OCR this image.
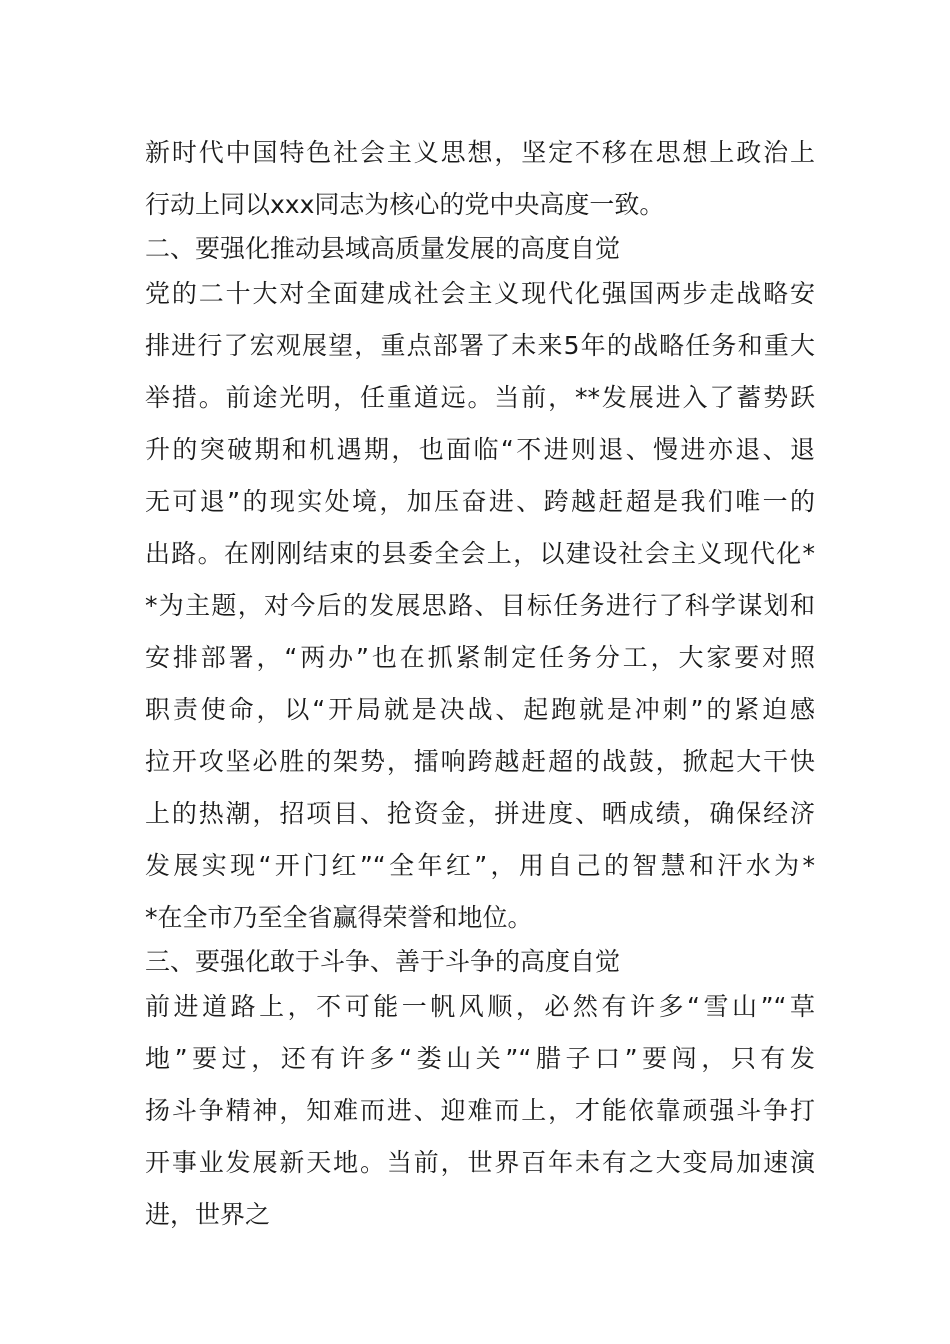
新时代中国特色社会主义思想，坚定不移在思想上政治上
行动上同以xxx同志为核心的党中央高度一致。
二、要强化推动县域高质量发展的高度自觉
党的二十大对全面建成社会主义现代化强国两步走战略安
排进行了宏观展望，重点部署了未来5年的战略任务和重大
举措。前途光明，任重道远。当前，**发展进入了蓄势跃
升的突破期和机遇期，也面临“不进则退、慢进亦退、退
无可退”的现实处境，加压奋进、跨越赶超是我们唯一的
出路。在刚刚结束的县委全会上，以建设社会主义现代化*
*为主题，对今后的发展思路、目标任务进行了科学谋划和
安排部署，“两办”也在抓紧制定任务分工，大家要对照
职责使命，以“开局就是决战、起跑就是冲刺”的紧迫感
拉开攻坚必胜的架势，擂响跨越赶超的战鼓，掀起大干快
上的热潮，招项目、抢资金，拼进度、晒成绩，确保经济
发展实现“开门红”“全年红”，用自己的智慧和汗水为*
*在全市乃至全省赢得荣誉和地位。
三、要强化敢于斗争、善于斗争的高度自觉
前进道路上，不可能一帆风顺，必然有许多“雪山”“草
地”要过，还有许多“娄山关”“腊子口”要闯，只有发
扬斗争精神，知难而进、迎难而上，才能依靠顽强斗争打
开事业发展新天地。当前，世界百年未有之大变局加速演
进，世界之
